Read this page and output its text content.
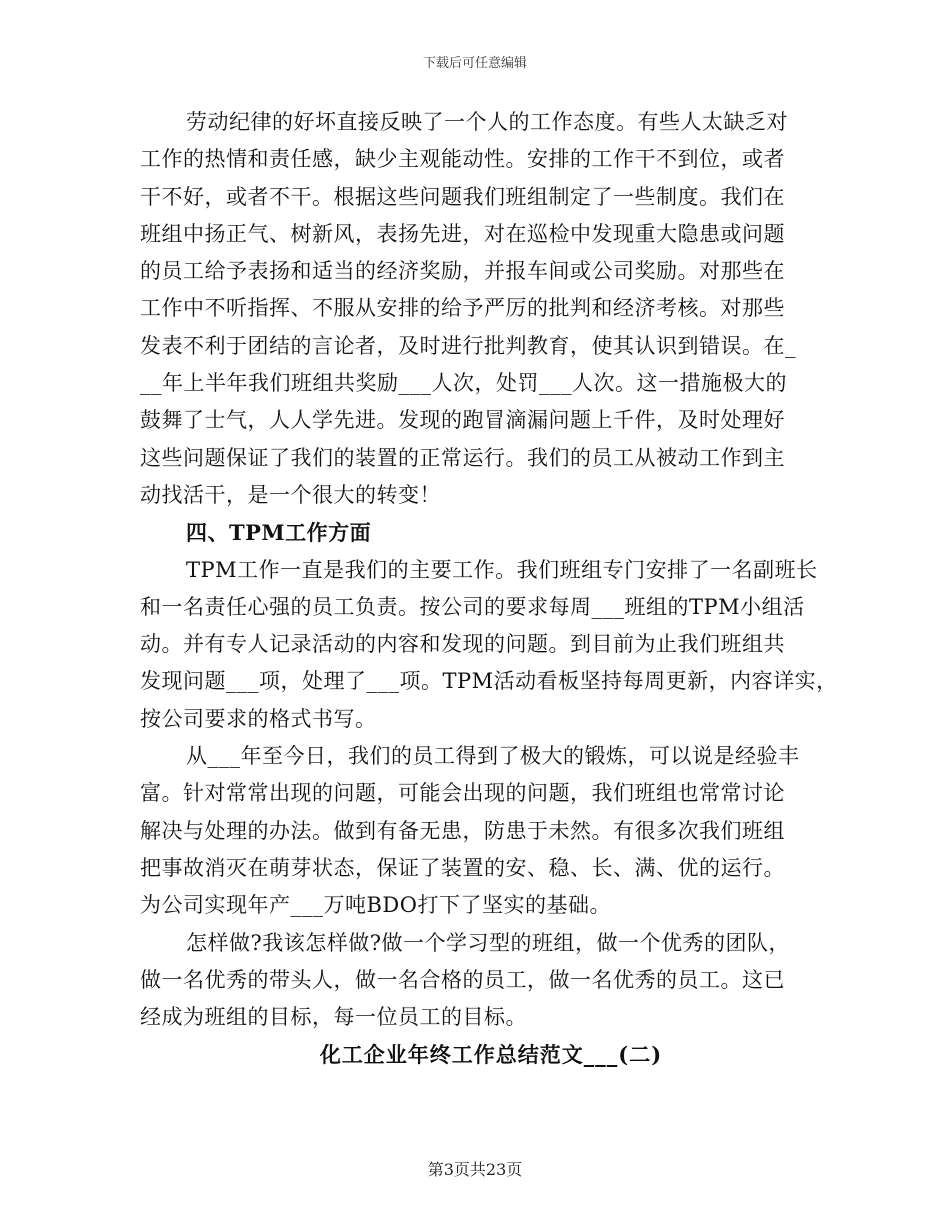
下载后可任意编辑
劳动纪律的好坏直接反映了一个人的工作态度。有些人太缺乏对
工作的热情和责任感，缺少主观能动性。安排的工作干不到位，或者
干不好，或者不干。根据这些问题我们班组制定了一些制度。我们在
班组中扬正气、树新风，表扬先进，对在巡检中发现重大隐患或问题
的员工给予表扬和适当的经济奖励，并报车间或公司奖励。对那些在
工作中不听指挥、不服从安排的给予严厉的批判和经济考核。对那些
发表不利于团结的言论者，及时进行批判教育，使其认识到错误。在_
__年上半年我们班组共奖励___人次，处罚___人次。这一措施极大的
鼓舞了士气，人人学先进。发现的跑冒滴漏问题上千件，及时处理好
这些问题保证了我们的装置的正常运行。我们的员工从被动工作到主
动找活干，是一个很大的转变！
四、TPM工作方面
TPM工作一直是我们的主要工作。我们班组专门安排了一名副班长
和一名责任心强的员工负责。按公司的要求每周___班组的TPM小组活
动。并有专人记录活动的内容和发现的问题。到目前为止我们班组共
发现问题___项，处理了___项。TPM活动看板坚持每周更新，内容详实，
按公司要求的格式书写。
从___年至今日，我们的员工得到了极大的锻炼，可以说是经验丰
富。针对常常出现的问题，可能会出现的问题，我们班组也常常讨论
解决与处理的办法。做到有备无患，防患于未然。有很多次我们班组
把事故消灭在萌芽状态，保证了装置的安、稳、长、满、优的运行。
为公司实现年产___万吨BDO打下了坚实的基础。
怎样做?我该怎样做?做一个学习型的班组，做一个优秀的团队，
做一名优秀的带头人，做一名合格的员工，做一名优秀的员工。这已
经成为班组的目标，每一位员工的目标。
化工企业年终工作总结范文___(二)
第3页共23页
